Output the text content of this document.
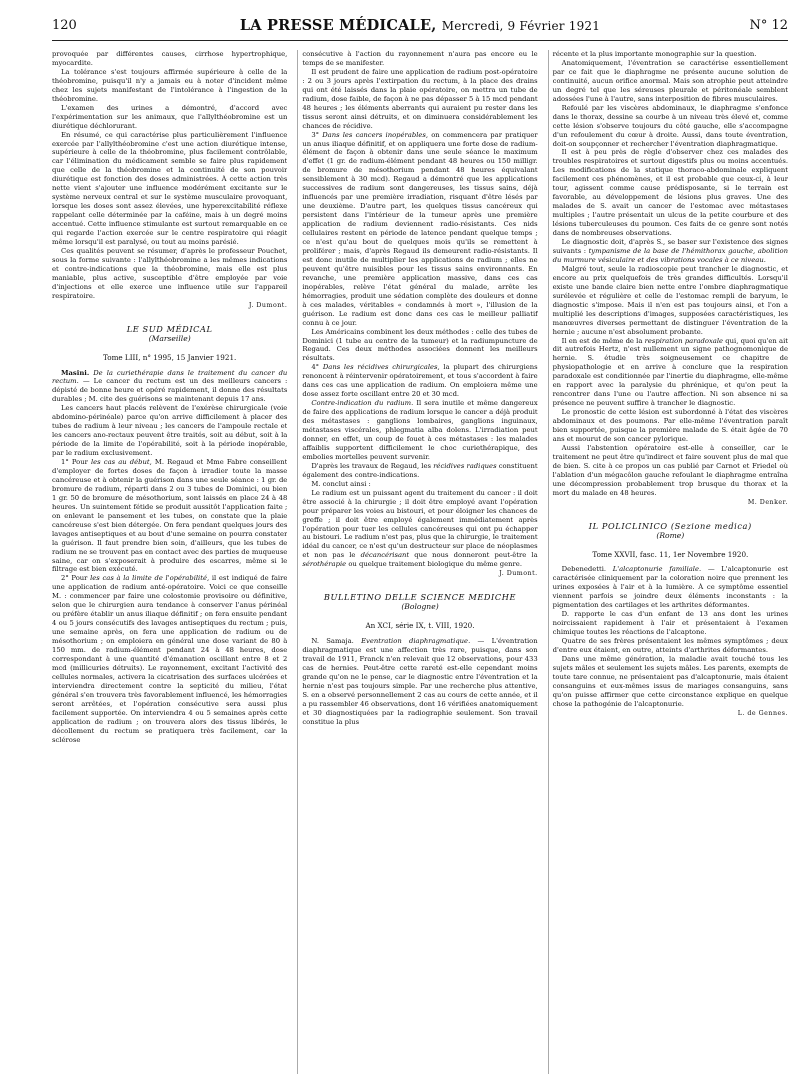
120	LA PRESSE MÉDICALE, Mercredi, 9 Février 1921	N° 12

provoquée par différentes causes, cirrhose hypertrophique, myocardite.

La tolérance s'est toujours affirmée supérieure à celle de la théobromine, puisqu'il n'y a jamais eu à noter d'incident même chez les sujets manifestant de l'intolérance à l'ingestion de la théobromine.

L'examen des urines a démontré, d'accord avec l'expérimentation sur les animaux, que l'allylthéobromine est un diurétique déchlorurant.

En résumé, ce qui caractérise plus particulièrement l'influence exercée par l'allylthéobromine c'est une action diurétique intense, supérieure à celle de la théobromine, plus facilement contrôlable, car l'élimination du médicament semble se faire plus rapidement que celle de la théobromine et la continuité de son pouvoir diurétique est fonction des doses administrées. À cette action très nette vient s'ajouter une influence modérément excitante sur le système nerveux central et sur le système musculaire provoquant, lorsque les doses sont assez élevées, une hyperexcitabilité réflexe rappelant celle déterminée par la caféine, mais à un degré moins accentué. Cette influence stimulante est surtout remarquable en ce qui regarde l'action exercée sur le centre respiratoire qui réagit même lorsqu'il est paralysé, ou tout au moins parésié.

Ces qualités peuvent se résumer, d'après le professeur Pouchet, sous la forme suivante : l'allylthéobromine a les mêmes indications et contre-indications que la théobromine, mais elle est plus maniable, plus active, susceptible d'être employée par voie d'injections et elle exerce une influence utile sur l'appareil respiratoire.

J. Dumont.
LE SUD MÉDICAL
(Marseille)
Tome LIII, n° 1995, 15 Janvier 1921.

Masini. De la curiethérapie dans le traitement du cancer du rectum. — Le cancer du rectum est un des meilleurs cancers : dépisté de bonne heure et opéré rapidement, il donne des résultats durables ; M. cite des guérisons se maintenant depuis 17 ans.

Les cancers haut placés relèvent de l'exérèse chirurgicale (voie abdomino-périnéale) parce qu'on arrive difficilement à placer des tubes de radium à leur niveau ; les cancers de l'ampoule rectale et les cancers ano-rectaux peuvent être traités, soit au début, soit à la période de la limite de l'opérabilité, soit à la période inopérable, par le radium exclusivement.

1° Pour les cas au début, M. Regaud et Mme Fabre conseillent d'employer de fortes doses de façon à irradier toute la masse cancéreuse et à obtenir la guérison dans une seule séance : 1 gr. de bromure de radium, réparti dans 2 ou 3 tubes de Dominici, ou bien 1 gr. 50 de bromure de mésothorium, sont laissés en place 24 à 48 heures. Un suintement fétide se produit aussitôt l'application faite ; on enlevant le pansement et les tubes, on constate que la plaie cancéreuse s'est bien détergée. On fera pendant quelques jours des lavages antiseptiques et au bout d'une semaine on pourra constater la guérison. Il faut prendre bien soin, d'ailleurs, que les tubes de radium ne se trouvent pas en contact avec des parties de muqueuse saine, car on s'exposerait à produire des escarres, même si le filtrage est bien exécuté.

2° Pour les cas à la limite de l'opérabilité, il est indiqué de faire une application de radium anté-opératoire. Voici ce que conseille M. : commencer par faire une colostomie provisoire ou définitive, selon que le chirurgien aura tendance à conserver l'anus périnéal ou préfère établir un anus iliaque définitif ; on fera ensuite pendant 4 ou 5 jours consécutifs des lavages antiseptiques du rectum ; puis, une semaine après, on fera une application de radium ou de mésothorium ; on emploiera en général une dose variant de 80 à 150 mm. de radium-élément pendant 24 à 48 heures, dose correspondant à une quantité d'émanation oscillant entre 8 et 2 mcd (millicuries détruits). Le rayonnement, excitant l'activité des cellules normales, activera la cicatrisation des surfaces ulcérées et interviendra directement contre la septicité du milieu, l'état général s'en trouvera très favorablement influencé, les hémorragies seront arrêtées, et l'opération consécutive sera aussi plus facilement supportée. On interviendra 4 ou 5 semaines après cette application de radium ; on trouvera alors des tissus libérés, le décollement du rectum se pratiquera très facilement, car la sclérose

consécutive à l'action du rayonnement n'aura pas encore eu le temps de se manifester.

Il est prudent de faire une application de radium post-opératoire : 2 ou 3 jours après l'extirpation du rectum, à la place des drains qui ont été laissés dans la plaie opératoire, on mettra un tube de radium, dose faible, de façon à ne pas dépasser 5 à 15 mcd pendant 48 heures ; les éléments aberrants qui auraient pu rester dans les tissus seront ainsi détruits, et on diminuera considérablement les chances de récidive.

3° Dans les cancers inopérables, on commencera par pratiquer un anus iliaque définitif, et on appliquera une forte dose de radium-élément de façon à obtenir dans une seule séance le maximum d'effet (1 gr. de radium-élément pendant 48 heures ou 150 milligr. de bromure de mésothorium pendant 48 heures équivalant sensiblement à 30 mcd). Regaud a démontré que les applications successives de radium sont dangereuses, les tissus sains, déjà influencés par une première irradiation, risquant d'être lésés par une deuxième. D'autre part, les quelques tissus cancéreux qui persistent dans l'intérieur de la tumeur après une première application de radium deviennent radio-résistants. Ces nids cellulaires restent en période de latence pendant quelque temps ; ce n'est qu'au bout de quelques mois qu'ils se remettent à proliférer ; mais, d'après Regaud ils demeurent radio-résistants. Il est donc inutile de multiplier les applications de radium ; elles ne peuvent qu'être nuisibles pour les tissus sains environnants. En revanche, une première application massive, dans ces cas inopérables, relève l'état général du malade, arrête les hémorragies, produit une sédation complète des douleurs et donne à ces malades, véritables « condamnés à mort », l'illusion de la guérison. Le radium est donc dans ces cas le meilleur palliatif connu à ce jour.

Les Américains combinent les deux méthodes : celle des tubes de Dominici (1 tube au centre de la tumeur) et la radiumpuncture de Regaud. Ces deux méthodes associées donnent les meilleurs résultats.

4° Dans les récidives chirurgicales, la plupart des chirurgiens renoncent à réintervenir opératoirement, et tous s'accordent à faire dans ces cas une application de radium. On emploiera même une dose assez forte oscillant entre 20 et 30 mcd.

Contre-indication du radium. Il sera inutile et même dangereux de faire des applications de radium lorsque le cancer a déjà produit des métastases : ganglions lombaires, ganglions inguinaux, métastases viscérales, phlegmatia alba dolens. L'irradiation peut donner, en effet, un coup de fouet à ces métastases : les malades affaiblis supportent difficilement le choc curiethérapique, des embolies mortelles peuvent survenir.

D'après les travaux de Regaud, les récidives radiques constituent également des contre-indications.

M. conclut ainsi :

Le radium est un puissant agent du traitement du cancer : il doit être associé à la chirurgie ; il doit être employé avant l'opération pour préparer les voies au bistouri, et pour éloigner les chances de greffe ; il doit être employé également immédiatement après l'opération pour tuer les cellules cancéreuses qui ont pu échapper au bistouri. Le radium n'est pas, plus que la chirurgie, le traitement idéal du cancer, ce n'est qu'un destructeur sur place de néoplasmes et non pas le décancérisant que nous donneront peut-être la sérothérapie ou quelque traitement biologique du même genre.

J. Dumont.
BULLETINO DELLE SCIENCE MEDICHE
(Bologne)
An XCI, série IX, t. VIII, 1920.

N. Samaja. Eventration diaphragmatique. — L'éventration diaphragmatique est une affection très rare, puisque, dans son travail de 1911, Franck n'en relevait que 12 observations, pour 433 cas de hernies. Peut-être cette rareté est-elle cependant moins grande qu'on ne le pense, car le diagnostic entre l'éventration et la hernie n'est pas toujours simple. Par une recherche plus attentive, S. en a observé personnellement 2 cas au cours de cette année, et il a pu rassembler 46 observations, dont 16 vérifiées anatomiquement et 30 diagnostiquées par la radiographie seulement. Son travail constitue la plus

récente et la plus importante monographie sur la question.

Anatomiquement, l'éventration se caractérise essentiellement par ce fait que le diaphragme ne présente aucune solution de continuité, aucun orifice anormal. Mais son atrophie peut atteindre un degré tel que les séreuses pleurale et péritonéale semblent adossées l'une à l'autre, sans interposition de fibres musculaires.

Refoulé par les viscères abdominaux, le diaphragme s'enfonce dans le thorax, dessine sa courbe à un niveau très élevé et, comme cette lésion s'observe toujours du côté gauche, elle s'accompagne d'un refoulement du cœur à droite. Aussi, dans toute éventration, doit-on soupçonner et rechercher l'éventration diaphragmatique.

Il est à peu près de règle d'observer chez ces malades des troubles respiratoires et surtout digestifs plus ou moins accentués. Les modifications de la statique thoraco-abdominale expliquent facilement ces phénomènes, et il est probable que ceux-ci, à leur tour, agissent comme cause prédisposante, si le terrain est favorable, au développement de lésions plus graves. Une des malades de S. avait un cancer de l'estomac avec métastases multiples ; l'autre présentait un ulcus de la petite courbure et des lésions tuberculeuses du poumon. Ces faits de ce genre sont notés dans de nombreuses observations.

Le diagnostic doit, d'après S., se baser sur l'existence des signes suivants : tympanisme de la base de l'hémithorax gauche, abolition du murmure vésiculaire et des vibrations vocales à ce niveau.

Malgré tout, seule la radioscopie peut trancher le diagnostic, et encore au prix quelquefois de très grandes difficultés. Lorsqu'il existe une bande claire bien nette entre l'ombre diaphragmatique surélevée et régulière et celle de l'estomac rempli de baryum, le diagnostic s'impose. Mais il n'en est pas toujours ainsi, et l'on a multiplié les descriptions d'images, supposées caractéristiques, les manœuvres diverses permettant de distinguer l'éventration de la hernie ; aucune n'est absolument probante.

Il en est de même de la respiration paradoxale qui, quoi qu'en ait dit autrefois Hertz, n'est nullement un signe pathognomonique de hernie. S. étudie très soigneusement ce chapitre de physiopathologie et en arrive à conclure que la respiration paradoxale est conditionnée par l'inertie du diaphragme, elle-même en rapport avec la paralysie du phrénique, et qu'on peut la rencontrer dans l'une ou l'autre affection. Ni son absence ni sa présence ne peuvent suffire à trancher le diagnostic.

Le pronostic de cette lésion est subordonné à l'état des viscères abdominaux et des poumons. Par elle-même l'éventration paraît bien supportée, puisque la première malade de S. était âgée de 70 ans et mourut de son cancer pylorique.

Aussi l'abstention opératoire est-elle à conseiller, car le traitement ne peut être qu'indirect et faire souvent plus de mal que de bien. S. cite à ce propos un cas publié par Carnot et Friedel où l'ablation d'un mégacôlon gauche refoulant le diaphragme entraîna une décompression probablement trop brusque du thorax et la mort du malade en 48 heures.

M. Denker.
IL POLICLINICO (Sezione medica)
(Rome)
Tome XXVII, fasc. 11, 1er Novembre 1920.

Debenedetti. L'alcaptonurie familiale. — L'alcaptonurie est caractérisée cliniquement par la coloration noire que prennent les urines exposées à l'air et à la lumière. À ce symptôme essentiel viennent parfois se joindre deux éléments inconstants : la pigmentation des cartilages et les arthrites déformantes.

D. rapporte le cas d'un enfant de 13 ans dont les urines noircissaient rapidement à l'air et présentaient à l'examen chimique toutes les réactions de l'alcaptone.

Quatre de ses frères présentaient les mêmes symptômes ; deux d'entre eux étaient, en outre, atteints d'arthrites déformantes.

Dans une même génération, la maladie avait touché tous les sujets mâles et seulement les sujets mâles. Les parents, exempts de toute tare connue, ne présentaient pas d'alcaptonurie, mais étaient consanguins et eux-mêmes issus de mariages consanguins, sans qu'on puisse affirmer que cette circonstance explique en quelque chose la pathogénie de l'alcaptonurie.

L. de Gennes.
